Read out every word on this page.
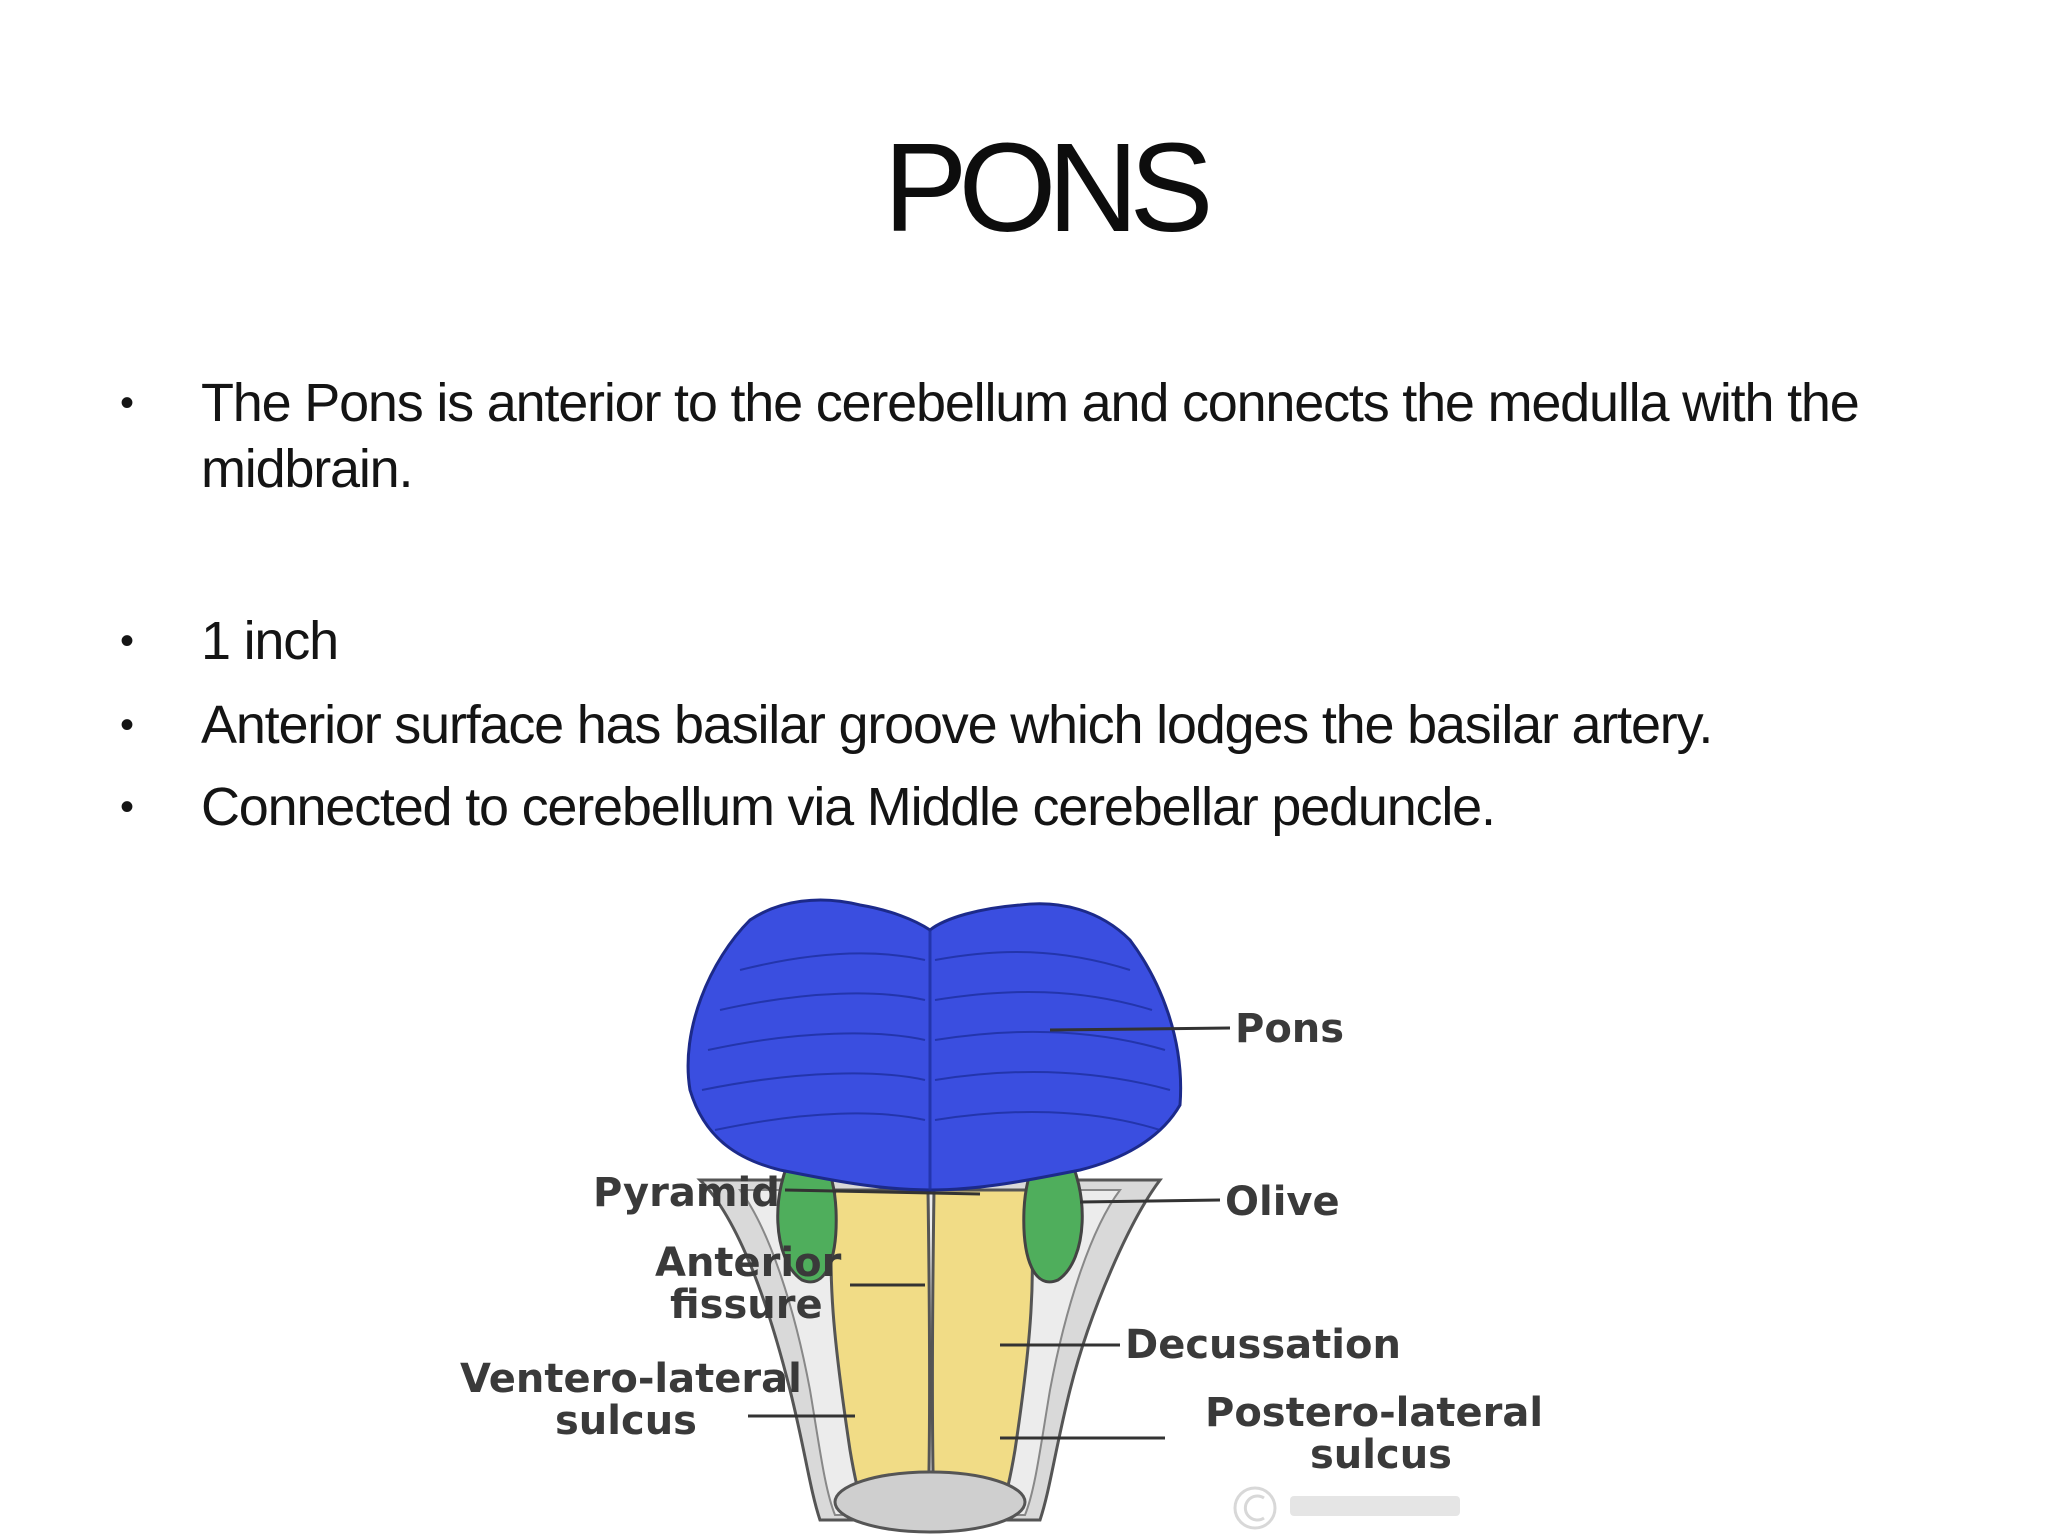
PONS
•	The Pons is anterior to the cerebellum and connects the medulla with the midbrain.
•	1 inch
•	Anterior surface has basilar groove which lodges the basilar artery.
•	Connected to cerebellum via Middle cerebellar peduncle.
Pons
Pyramid	Olive
Anterior
fissure
Decussation
Ventero-lateral
sulcus	Postero-lateral
sulcus
